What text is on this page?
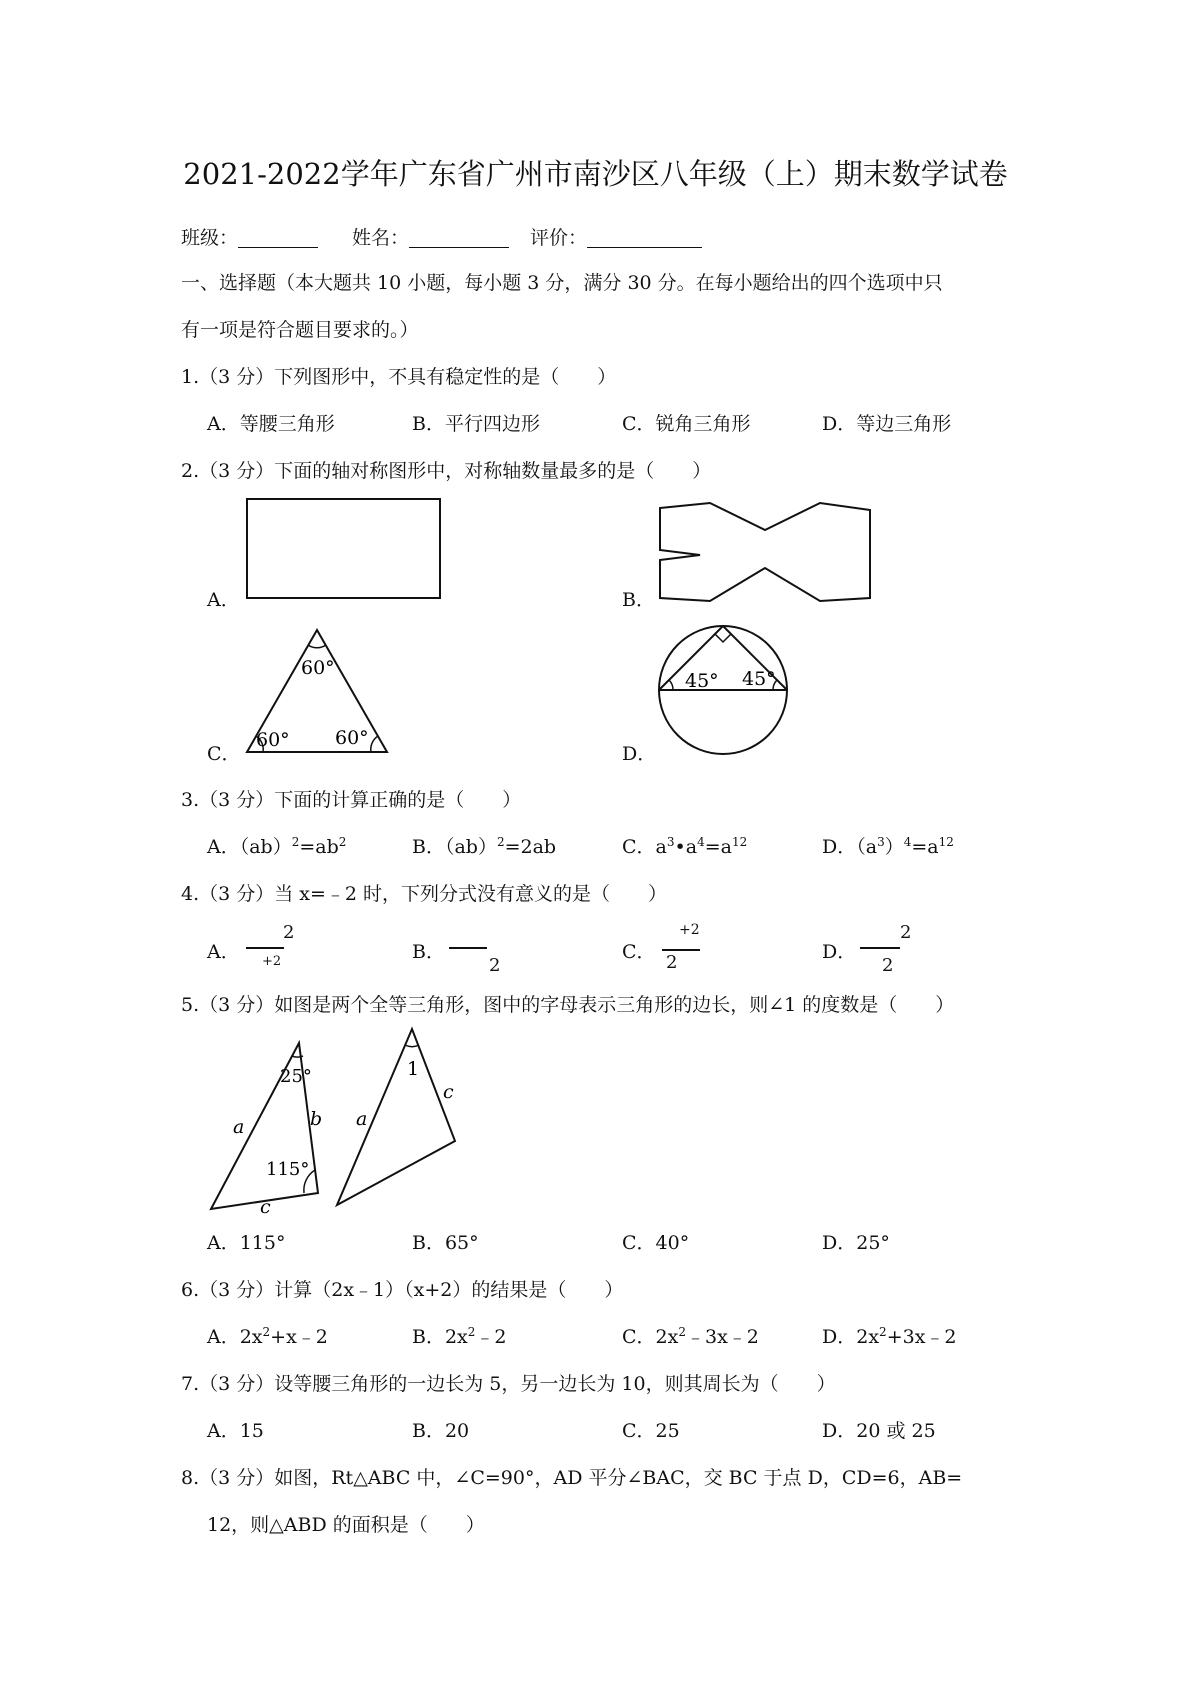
2021-2022学年广东省广州市南沙区八年级（上）期末数学试卷
班级：	姓名：	评价：
一、选择题（本大题共 10 小题，每小题 3 分，满分 30 分。在每小题给出的四个选项中只
有一项是符合题目要求的。）
1.（3 分）下列图形中，不具有稳定性的是（　　）
A．等腰三角形	B．平行四边形	C．锐角三角形	D．等边三角形
2.（3 分）下面的轴对称图形中，对称轴数量最多的是（　　）
A．	B．
C．
60°
60° 60°
D．
45° 45°
3.（3 分）下面的计算正确的是（　　）
A．$(ab)^2=ab^2$	B．（ab）$^2$=2ab	C．$a^3•a^4=a^{12}$	D．$(a^3)^4=a^{12}$
4.（3 分）当 x=﹣2 时，下列分式没有意义的是（　　）
A．
2
+2	B．
2
C．
+2
2	D．
2
2
5.（3 分）如图是两个全等三角形，图中的字母表示三角形的边长，则∠1 的度数是（　　）
25°
b
a
115°
c
1
c
a
A．115°	B．65°	C．40°	D．25°
6.（3 分）计算（2x﹣1）（x+2）的结果是（　　）
A．$2x^2+x﹣2$	B．$2x^2﹣2$	C．$2x^2﹣3x﹣2$	D．$2x^2+3x﹣2$
7.（3 分）设等腰三角形的一边长为 5，另一边长为 10，则其周长为（　　）
A．15	B．20	C．25	D．20 或 25
8.（3 分）如图，Rt△ABC 中，∠C=90°，AD 平分∠BAC，交 BC 于点 D，CD=6，AB=
12，则△ABD 的面积是（　　）
